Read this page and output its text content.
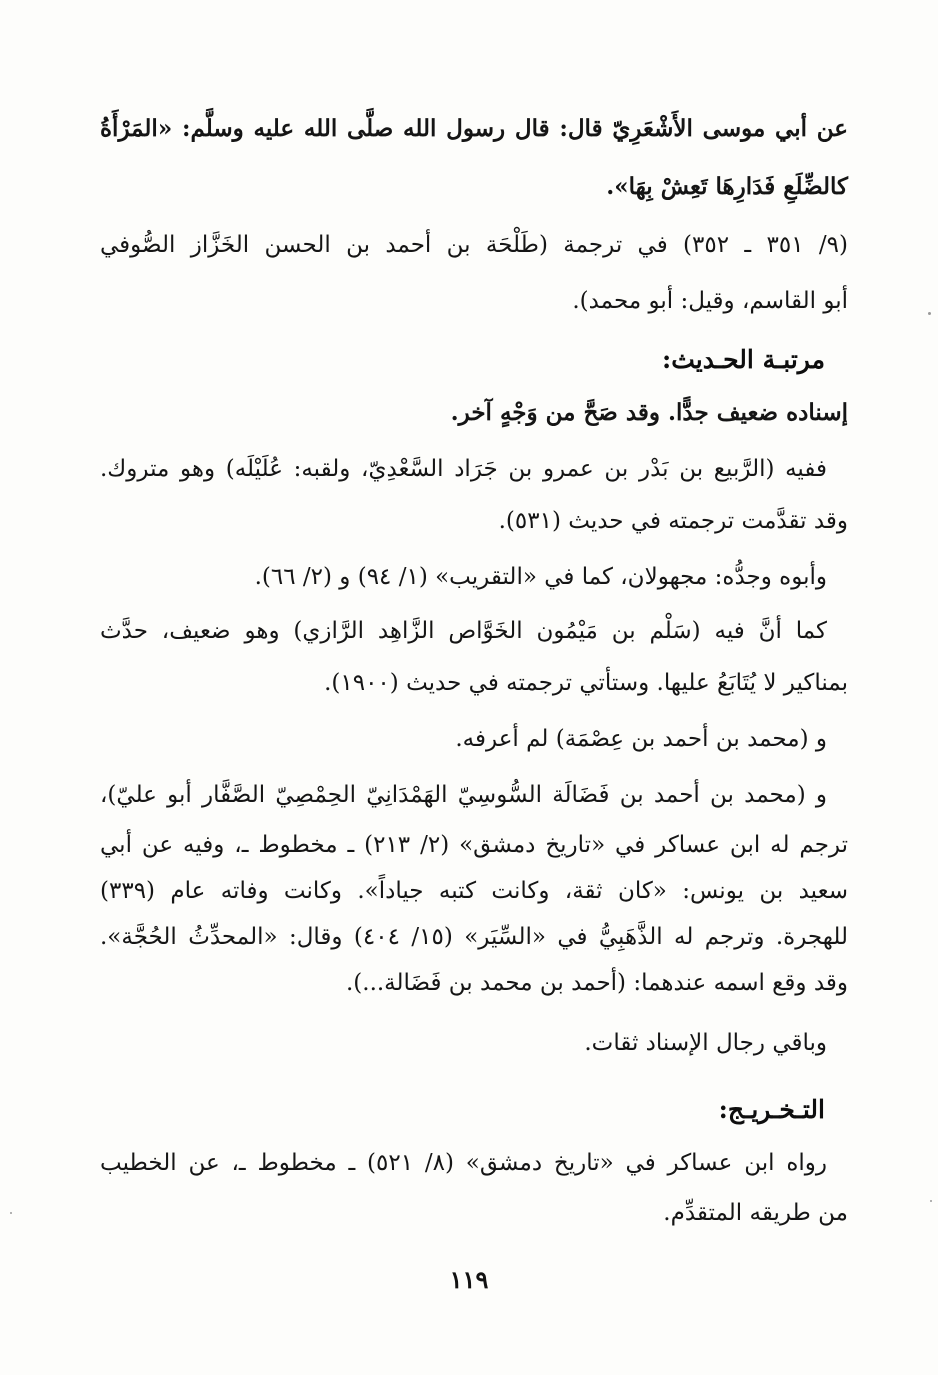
عن أبي موسى الأَشْعَرِيّ قال: قال رسول الله صلَّى الله عليه وسلَّم: «المَرْأَةُ
كالضِّلَعِ فَدَارِهَا تَعِشْ بِهَا».
(٩/ ٣٥١ ـ ٣٥٢) في ترجمة (طَلْحَة بن أحمد بن الحسن الخَزَّاز الصُّوفي
أبو القاسم، وقيل: أبو محمد).
مرتبـة الحـديث:
إسناده ضعيف جدًّا. وقد صَحَّ من وَجْهٍ آخر.
ففيه (الرَّبيع بن بَدْر بن عمرو بن جَرَاد السَّعْدِيّ، ولقبه: عُلَيْلَه) وهو متروك.
وقد تقدَّمت ترجمته في حديث (٥٣١).
وأبوه وجدُّه: مجهولان، كما في «التقريب» (١/ ٩٤) و (٢/ ٦٦).
كما أنَّ فيه (سَلْم بن مَيْمُون الخَوَّاص الزَّاهِد الرَّازي) وهو ضعيف، حدَّث
بمناكير لا يُتَابَعُ عليها. وستأتي ترجمته في حديث (١٩٠٠).
و (محمد بن أحمد بن عِصْمَة) لم أعرفه.
و (محمد بن أحمد بن فَضَالَة السُّوسِيّ الهَمْدَانِيّ الحِمْصِيّ الصَّفَّار أبو عليّ)،
ترجم له ابن عساكر في «تاريخ دمشق» (٢/ ٢١٣) ـ مخطوط ـ، وفيه عن أبي
سعيد بن يونس: «كان ثقة، وكانت كتبه جياداً». وكانت وفاته عام (٣٣٩)
للهجرة. وترجم له الذَّهَبِيُّ في «السِّيَر» (١٥/ ٤٠٤) وقال: «المحدِّثُ الحُجَّة».
وقد وقع اسمه عندهما: (أحمد بن محمد بن فَضَالة...).
وباقي رجال الإسناد ثقات.
التـخـريـج:
رواه ابن عساكر في «تاريخ دمشق» (٨/ ٥٢١) ـ مخطوط ـ، عن الخطيب
من طريقه المتقدِّم.
١١٩
